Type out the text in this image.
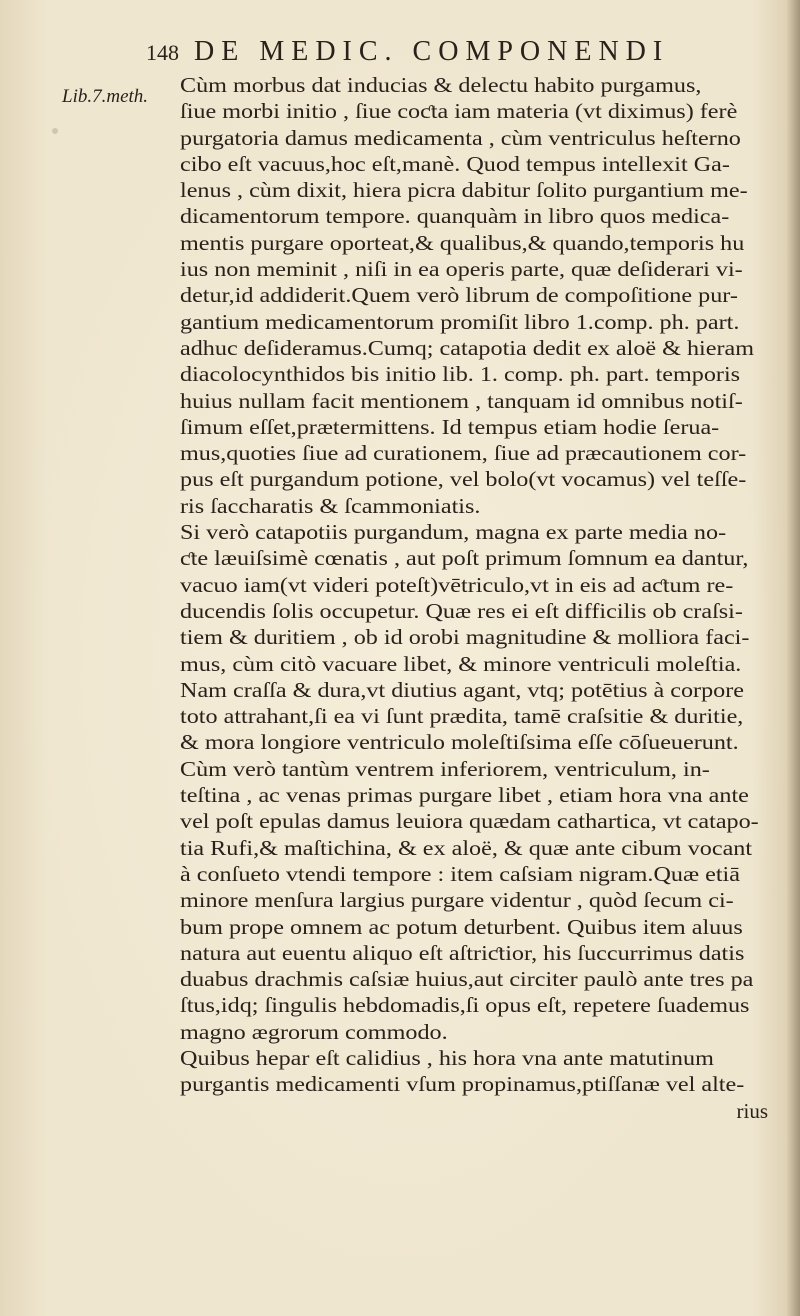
148 DE MEDIC. COMPONENDI
Lib.7.meth. Cùm morbus dat inducias & delectu habito purgamus,
ſiue morbi initio , ſiue coƈta iam materia (vt diximus) ferè
purgatoria damus medicamenta , cùm ventriculus heſterno
cibo eſt vacuus,hoc eſt,manè. Quod tempus intellexit Ga-
lenus , cùm dixit, hiera picra dabitur ſolito purgantium me-
dicamentorum tempore. quanquàm in libro quos medica-
mentis purgare oporteat,& qualibus,& quando,temporis hu
ius non meminit , niſi in ea operis parte, quæ deſiderari vi-
detur,id addiderit.Quem verò librum de compoſitione pur-
gantium medicamentorum promiſit libro 1.comp. ph. part.
adhuc deſideramus.Cumq; catapotia dedit ex aloë & hieram
diacolocynthidos bis initio lib. 1. comp. ph. part. temporis
huius nullam facit mentionem , tanquam id omnibus notiſ-
ſimum eſſet,prætermittens. Id tempus etiam hodie ſerua-
mus,quoties ſiue ad curationem, ſiue ad præcautionem cor-
pus eſt purgandum potione, vel bolo(vt vocamus) vel teſſe-
ris ſaccharatis & ſcammoniatis.
Si verò catapotiis purgandum, magna ex parte media no-
ƈte læuiſsimè cœnatis , aut poſt primum ſomnum ea dantur,
vacuo iam(vt videri poteſt)vētriculo,vt in eis ad aƈtum re-
ducendis ſolis occupetur. Quæ res ei eſt difficilis ob craſsi-
tiem & duritiem , ob id orobi magnitudine & molliora faci-
mus, cùm citò vacuare libet, & minore ventriculi moleſtia.
Nam craſſa & dura,vt diutius agant, vtq; potētius à corpore
toto attrahant,ſi ea vi ſunt prædita, tamē craſsitie & duritie,
& mora longiore ventriculo moleſtiſsima eſſe cōſueuerunt.
Cùm verò tantùm ventrem inferiorem, ventriculum, in-
teſtina , ac venas primas purgare libet , etiam hora vna ante
vel poſt epulas damus leuiora quædam cathartica, vt catapo-
tia Rufi,& maſtichina, & ex aloë, & quæ ante cibum vocant
à conſueto vtendi tempore : item caſsiam nigram.Quæ etiā
minore menſura largius purgare videntur , quòd ſecum ci-
bum prope omnem ac potum deturbent. Quibus item aluus
natura aut euentu aliquo eſt aſtriƈtior, his ſuccurrimus datis
duabus drachmis caſsiæ huius,aut circiter paulò ante tres pa
ſtus,idq; ſingulis hebdomadis,ſi opus eſt, repetere ſuademus
magno ægrorum commodo.
Quibus hepar eſt calidius , his hora vna ante matutinum
purgantis medicamenti vſum propinamus,ptiſſanæ vel alte-
rius
